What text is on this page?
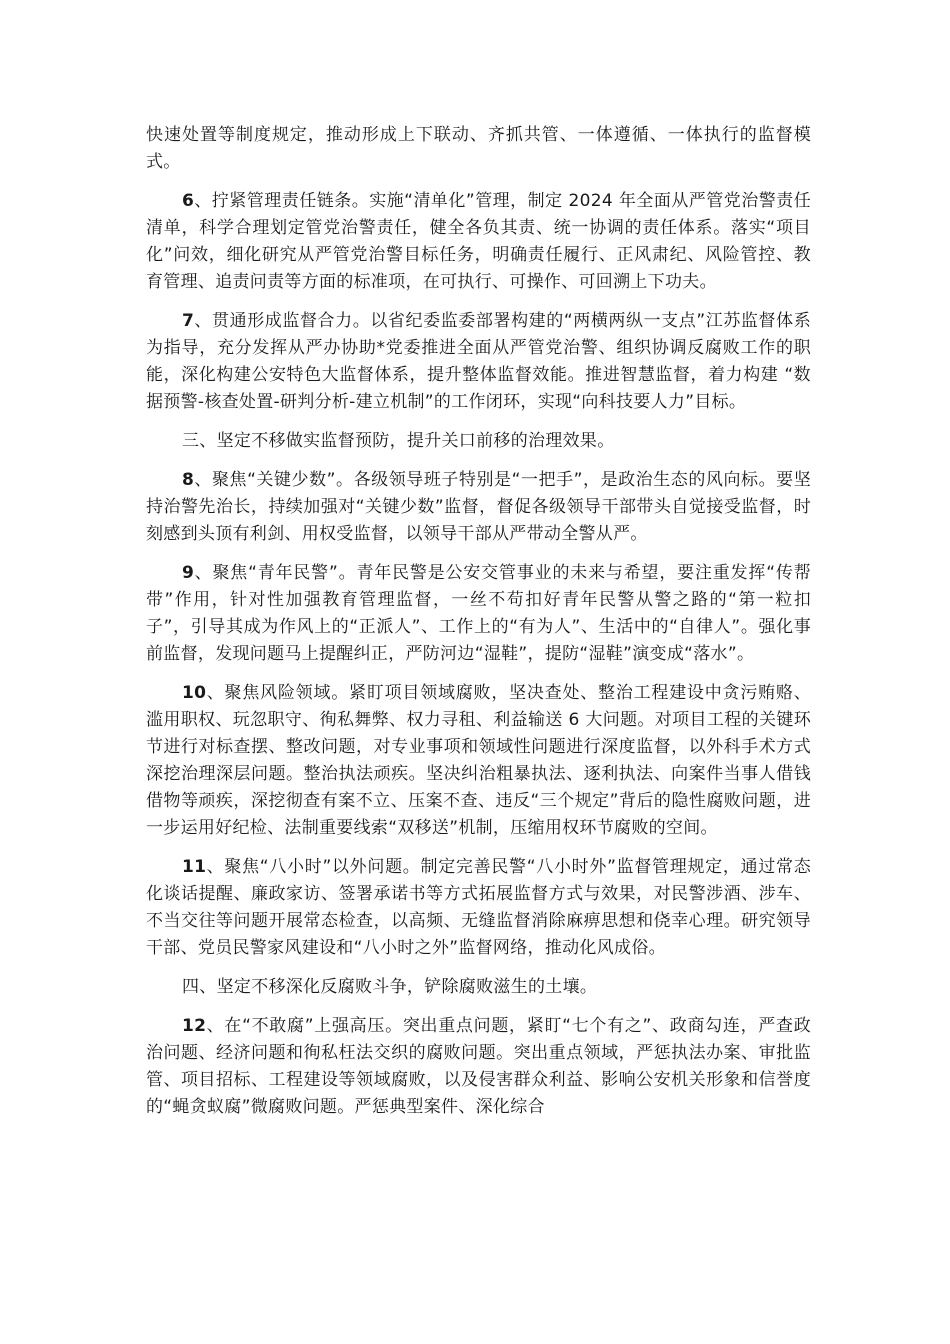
快速处置等制度规定，推动形成上下联动、齐抓共管、一体遵循、一体执行的监督模式。

6、拧紧管理责任链条。实施“清单化”管理，制定 2024 年全面从严管党治警责任清单，科学合理划定管党治警责任，健全各负其责、统一协调的责任体系。落实“项目化”问效，细化研究从严管党治警目标任务，明确责任履行、正风肃纪、风险管控、教育管理、追责问责等方面的标准项，在可执行、可操作、可回溯上下功夫。

7、贯通形成监督合力。以省纪委监委部署构建的“两横两纵一支点”江苏监督体系为指导，充分发挥从严办协助*党委推进全面从严管党治警、组织协调反腐败工作的职能，深化构建公安特色大监督体系，提升整体监督效能。推进智慧监督，着力构建 “数据预警-核查处置-研判分析-建立机制”的工作闭环，实现“向科技要人力”目标。

三、坚定不移做实监督预防，提升关口前移的治理效果。

8、聚焦“关键少数”。各级领导班子特别是“一把手”，是政治生态的风向标。要坚持治警先治长，持续加强对“关键少数”监督，督促各级领导干部带头自觉接受监督，时刻感到头顶有利剑、用权受监督，以领导干部从严带动全警从严。

9、聚焦“青年民警”。青年民警是公安交管事业的未来与希望，要注重发挥“传帮带”作用，针对性加强教育管理监督，一丝不苟扣好青年民警从警之路的“第一粒扣子”，引导其成为作风上的“正派人”、工作上的“有为人”、生活中的“自律人”。强化事前监督，发现问题马上提醒纠正，严防河边“湿鞋”，提防“湿鞋”演变成“落水”。

10、聚焦风险领域。紧盯项目领域腐败，坚决查处、整治工程建设中贪污贿赂、滥用职权、玩忽职守、徇私舞弊、权力寻租、利益输送 6 大问题。对项目工程的关键环节进行对标查摆、整改问题，对专业事项和领域性问题进行深度监督，以外科手术方式深挖治理深层问题。整治执法顽疾。坚决纠治粗暴执法、逐利执法、向案件当事人借钱借物等顽疾，深挖彻查有案不立、压案不查、违反“三个规定”背后的隐性腐败问题，进一步运用好纪检、法制重要线索“双移送”机制，压缩用权环节腐败的空间。

11、聚焦“八小时”以外问题。制定完善民警“八小时外”监督管理规定，通过常态化谈话提醒、廉政家访、签署承诺书等方式拓展监督方式与效果，对民警涉酒、涉车、不当交往等问题开展常态检查，以高频、无缝监督消除麻痹思想和侥幸心理。研究领导干部、党员民警家风建设和“八小时之外”监督网络，推动化风成俗。

四、坚定不移深化反腐败斗争，铲除腐败滋生的土壤。

12、在“不敢腐”上强高压。突出重点问题，紧盯“七个有之”、政商勾连，严查政治问题、经济问题和徇私枉法交织的腐败问题。突出重点领域，严惩执法办案、审批监管、项目招标、工程建设等领域腐败，以及侵害群众利益、影响公安机关形象和信誉度的“蝇贪蚁腐”微腐败问题。严惩典型案件、深化综合
